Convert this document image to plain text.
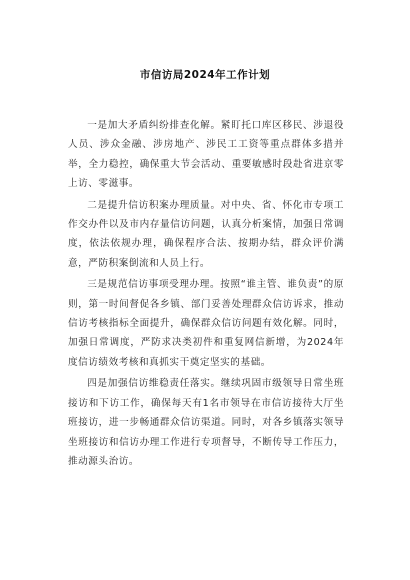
市信访局2024年工作计划

一是加大矛盾纠纷排查化解。紧盯托口库区移民、涉退役人员、涉众金融、涉房地产、涉民工工资等重点群体多措并举，全力稳控，确保重大节会活动、重要敏感时段赴省进京零上访、零滋事。

二是提升信访积案办理质量。对中央、省、怀化市专项工作交办件以及市内存量信访问题，认真分析案情，加强日常调度，依法依规办理，确保程序合法、按期办结，群众评价满意，严防积案倒流和人员上行。

三是规范信访事项受理办理。按照“谁主管、谁负责”的原则，第一时间督促各乡镇、部门妥善处理群众信访诉求，推动信访考核指标全面提升，确保群众信访问题有效化解。同时，加强日常调度，严防求决类初件和重复网信新增，为2024年度信访绩效考核和真抓实干奠定坚实的基础。

四是加强信访维稳责任落实。继续巩固市级领导日常坐班接访和下访工作，确保每天有1名市领导在市信访接待大厅坐班接访，进一步畅通群众信访渠道。同时，对各乡镇落实领导坐班接访和信访办理工作进行专项督导，不断传导工作压力，推动源头治访。
